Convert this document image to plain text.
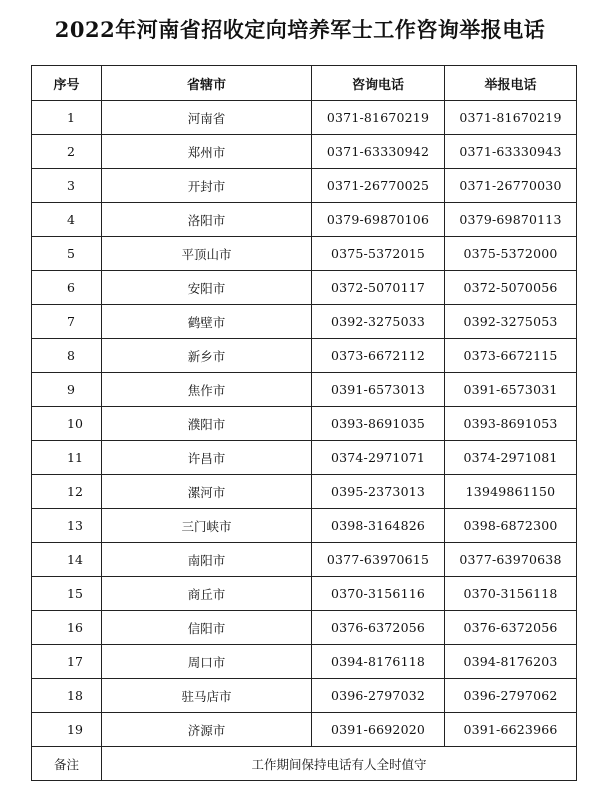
2022年河南省招收定向培养军士工作咨询举报电话
序号	省辖市	咨询电话	举报电话
1	河南省	0371-81670219	0371-81670219
2	郑州市	0371-63330942	0371-63330943
3	开封市	0371-26770025	0371-26770030
4	洛阳市	0379-69870106	0379-69870113
5	平顶山市	0375-5372015	0375-5372000
6	安阳市	0372-5070117	0372-5070056
7	鹤壁市	0392-3275033	0392-3275053
8	新乡市	0373-6672112	0373-6672115
9	焦作市	0391-6573013	0391-6573031
10	濮阳市	0393-8691035	0393-8691053
11	许昌市	0374-2971071	0374-2971081
12	漯河市	0395-2373013	13949861150
13	三门峡市	0398-3164826	0398-6872300
14	南阳市	0377-63970615	0377-63970638
15	商丘市	0370-3156116	0370-3156118
16	信阳市	0376-6372056	0376-6372056
17	周口市	0394-8176118	0394-8176203
18	驻马店市	0396-2797032	0396-2797062
19	济源市	0391-6692020	0391-6623966
备注	工作期间保持电话有人全时值守		
